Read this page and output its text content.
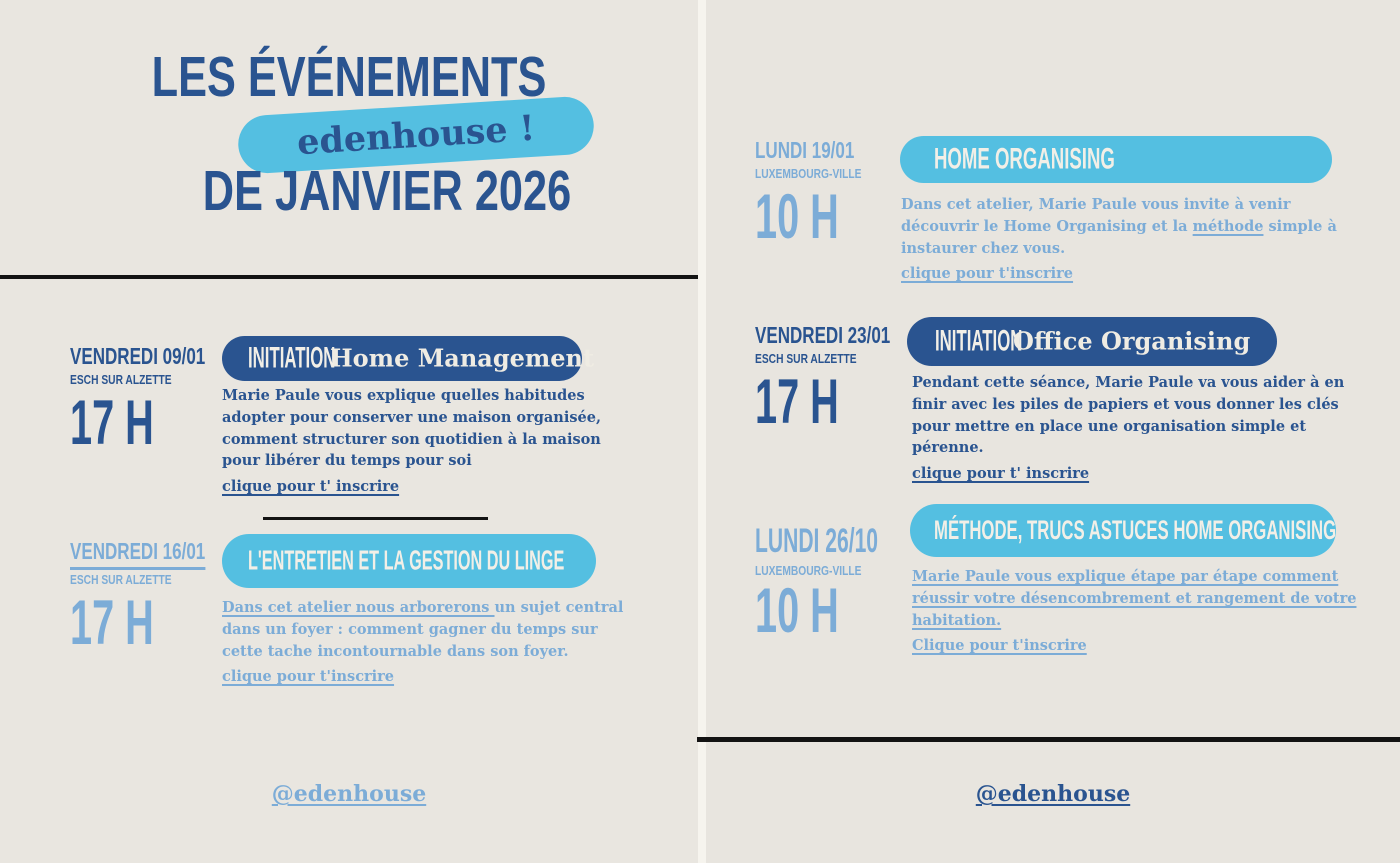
LES ÉVÉNEMENTS
edenhouse !
DE JANVIER 2026
VENDREDI 09/01
ESCH SUR ALZETTE
17 H
INITIATION
Home Management
Marie Paule vous explique quelles habitudes adopter pour conserver une maison organisée, comment structurer son quotidien à la maison pour libérer du temps pour soi
clique pour t' inscrire
VENDREDI 16/01
ESCH SUR ALZETTE
17 H
L'ENTRETIEN ET LA GESTION DU LINGE
Dans cet atelier nous arborerons un sujet central dans un foyer : comment gagner du temps sur cette tache incontournable dans son foyer.
clique pour t'inscrire
@edenhouse
LUNDI 19/01
LUXEMBOURG-VILLE
10 H
HOME ORGANISING
Dans cet atelier, Marie Paule vous invite à venir découvrir le Home Organising et la méthode simple à instaurer chez vous.
clique pour t'inscrire
VENDREDI 23/01
ESCH SUR ALZETTE
17 H
INITIATION
Office Organising
Pendant cette séance, Marie Paule va vous aider à en finir avec les piles de papiers et vous donner les clés pour mettre en place une organisation simple et pérenne.
clique pour t' inscrire
LUNDI 26/10
LUXEMBOURG-VILLE
10 H
MÉTHODE, TRUCS ASTUCES HOME ORGANISING
Marie Paule vous explique étape par étape comment réussir votre désencombrement et rangement de votre habitation.
Clique pour t'inscrire
@edenhouse
